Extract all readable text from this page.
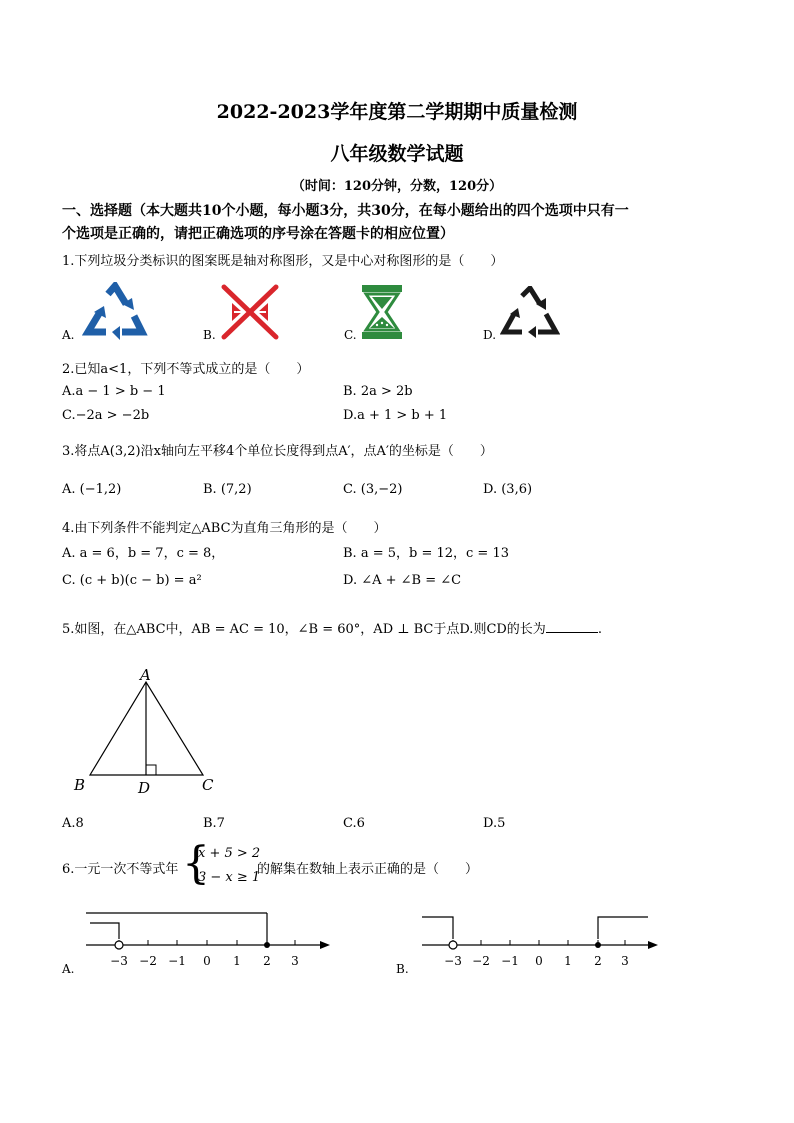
2022-2023学年度第二学期期中质量检测
八年级数学试题
（时间：120分钟，分数，120分）
一、选择题（本大题共10个小题，每小题3分，共30分，在每小题给出的四个选项中只有一
个选项是正确的，请把正确选项的序号涂在答题卡的相应位置）
1.下列垃圾分类标识的图案既是轴对称图形，又是中心对称图形的是（　　）
A.	B.	C.	D.
2.已知a<1，下列不等式成立的是（　　）
A.a − 1 > b − 1	B. 2a > 2b
C.−2a > −2b	D.a + 1 > b + 1
3.将点A(3,2)沿x轴向左平移4个单位长度得到点A′，点A′的坐标是（　　）
A. (−1,2)	B. (7,2)	C. (3,−2)	D. (3,6)
4.由下列条件不能判定△ABC为直角三角形的是（　　）
A. a = 6，b = 7，c = 8，	B. a = 5，b = 12，c = 13
C. (c + b)(c − b) = a²	D. ∠A + ∠B = ∠C
5.如图，在△ABC中，AB = AC = 10，∠B = 60°，AD ⊥ BC于点D.则CD的长为	.
A
B	D	C
A.8	B.7	C.6	D.5
6.一元一次不等式年 {
x + 5 > 2
3 − x ≥ 1
的解集在数轴上表示正确的是（　　）
−3 −2 −1 0 1 2 3
A.
−3 −2 −1 0 1 2 3
B.
